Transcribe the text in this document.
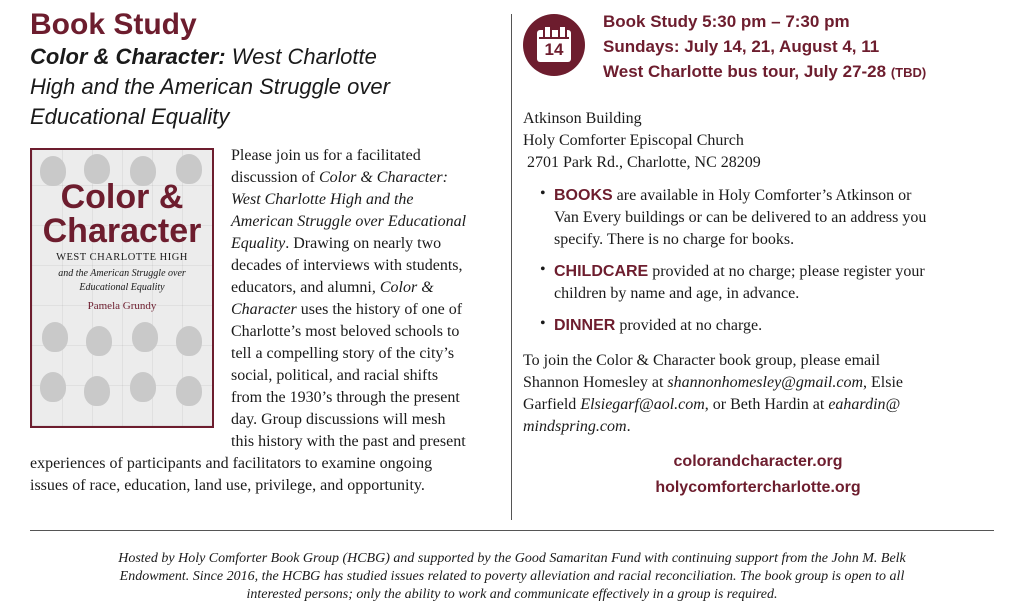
Book Study
Color & Character: West Charlotte
High and the American Struggle over
Educational Equality
Color &
Character
WEST CHARLOTTE HIGH
and the American Struggle over
Educational Equality
Pamela Grundy
Please join us for a facilitated
discussion of Color & Character:
West Charlotte High and the
American Struggle over Educational
Equality. Drawing on nearly two
decades of interviews with students,
educators, and alumni, Color &
Character uses the history of one of
Charlotte’s most beloved schools to
tell a compelling story of the city’s
social, political, and racial shifts
from the 1930’s through the present
day. Group discussions will mesh
this history with the past and present
experiences of participants and facilitators to examine ongoing
issues of race, education, land use, privilege, and opportunity.
14
Book Study 5:30 pm – 7:30 pm
Sundays: July 14, 21, August 4, 11
West Charlotte bus tour, July 27-28 (TBD)
Atkinson Building
Holy Comforter Episcopal Church
2701 Park Rd., Charlotte, NC 28209
• BOOKS are available in Holy Comforter’s Atkinson or
Van Every buildings or can be delivered to an address you
specify. There is no charge for books.
• CHILDCARE provided at no charge; please register your
children by name and age, in advance.
• DINNER provided at no charge.
To join the Color & Character book group, please email
Shannon Homesley at shannonhomesley@gmail.com, Elsie
Garfield Elsiegarf@aol.com, or Beth Hardin at eahardin@
mindspring.com.
colorandcharacter.org
holycomfortercharlotte.org
Hosted by Holy Comforter Book Group (HCBG) and supported by the Good Samaritan Fund with continuing support from the John M. Belk
Endowment. Since 2016, the HCBG has studied issues related to poverty alleviation and racial reconciliation. The book group is open to all
interested persons; only the ability to work and communicate effectively in a group is required.
